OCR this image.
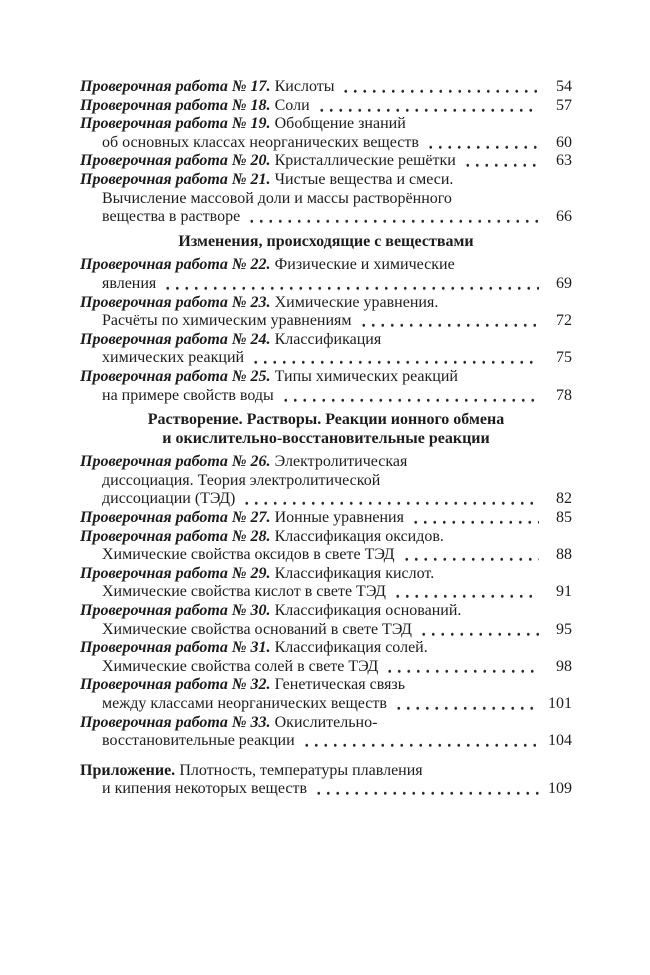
Проверочная работа № 17. Кислоты	54
Проверочная работа № 18. Соли	57
Проверочная работа № 19. Обобщение знаний
об основных классах неорганических веществ	60
Проверочная работа № 20. Кристаллические решётки	63
Проверочная работа № 21. Чистые вещества и смеси.
Вычисление массовой доли и массы растворённого
вещества в растворе	66
Изменения, происходящие с веществами
Проверочная работа № 22. Физические и химические
явления	69
Проверочная работа № 23. Химические уравнения.
Расчёты по химическим уравнениям	72
Проверочная работа № 24. Классификация
химических реакций	75
Проверочная работа № 25. Типы химических реакций
на примере свойств воды	78
Растворение. Растворы. Реакции ионного обмена
и окислительно-восстановительные реакции
Проверочная работа № 26. Электролитическая
диссоциация. Теория электролитической
диссоциации (ТЭД)	82
Проверочная работа № 27. Ионные уравнения	85
Проверочная работа № 28. Классификация оксидов.
Химические свойства оксидов в свете ТЭД	88
Проверочная работа № 29. Классификация кислот.
Химические свойства кислот в свете ТЭД	91
Проверочная работа № 30. Классификация оснований.
Химические свойства оснований в свете ТЭД	95
Проверочная работа № 31. Классификация солей.
Химические свойства солей в свете ТЭД	98
Проверочная работа № 32. Генетическая связь
между классами неорганических веществ	101
Проверочная работа № 33. Окислительно-
восстановительные реакции	104
Приложение. Плотность, температуры плавления
и кипения некоторых веществ	109
